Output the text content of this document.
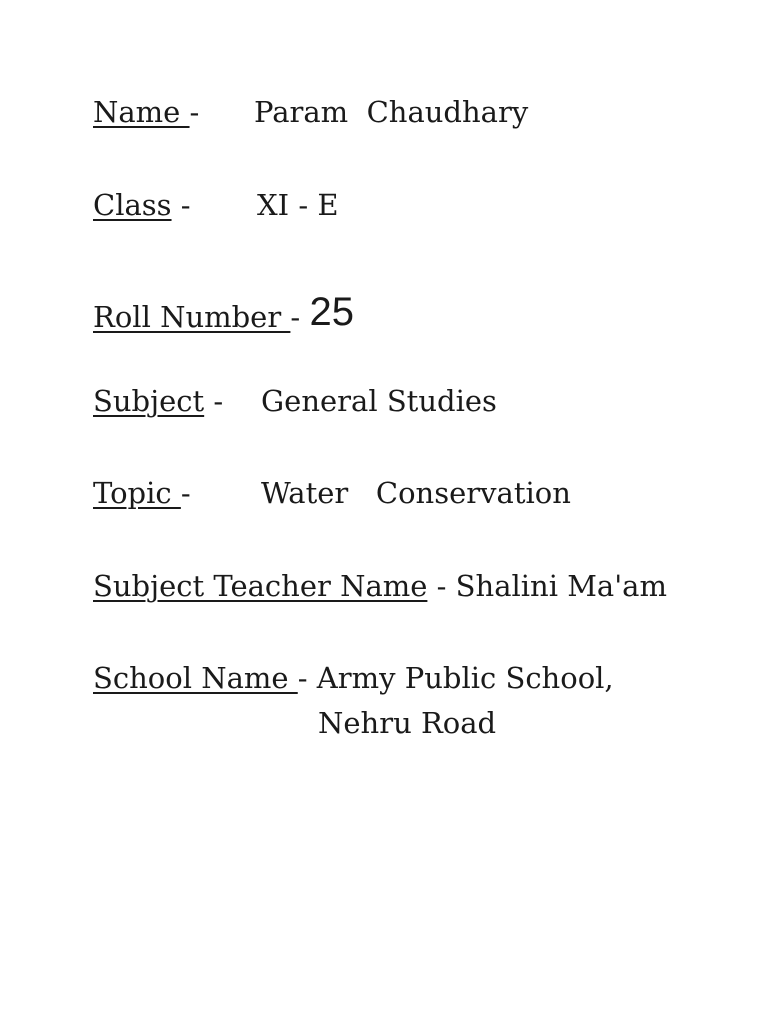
Name - Param  Chaudhary
Class - XI - E
Roll Number - 25
Subject - General Studies
Topic - Water   Conservation
Subject Teacher Name - Shalini Ma'am
School Name - Army Public School,
Nehru Road
